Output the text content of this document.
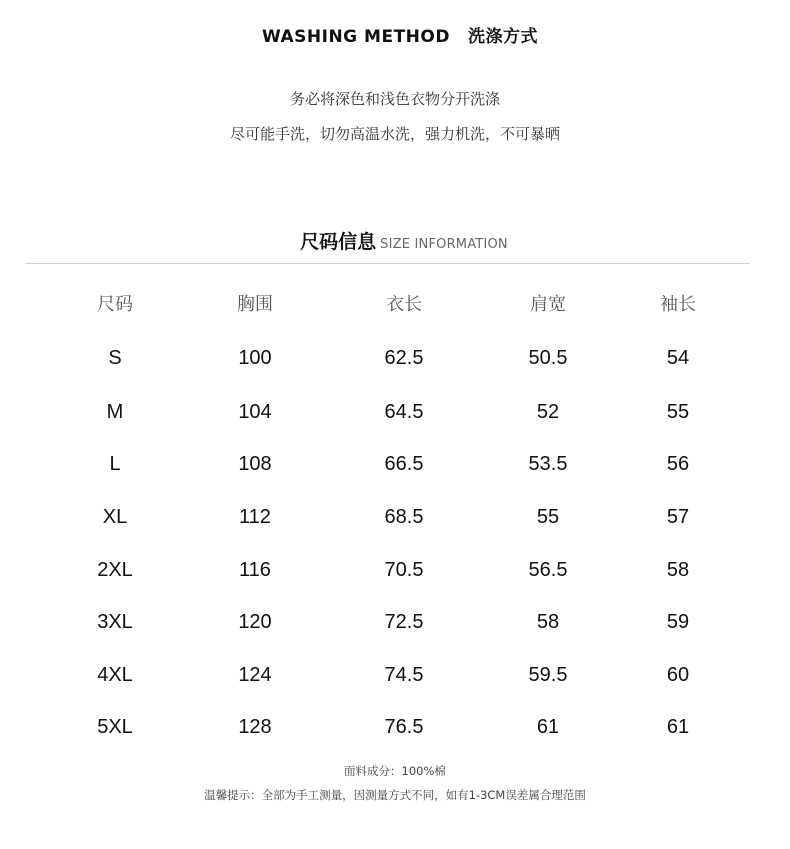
WASHING METHOD 洗涤方式
务必将深色和浅色衣物分开洗涤
尽可能手洗，切勿高温水洗，强力机洗，不可暴晒
尺码信息 SIZE INFORMATION
尺码	胸围	衣长	肩宽	袖长
S	100	62.5	50.5	54
M	104	64.5	52	55
L	108	66.5	53.5	56
XL	112	68.5	55	57
2XL	116	70.5	56.5	58
3XL	120	72.5	58	59
4XL	124	74.5	59.5	60
5XL	128	76.5	61	61
面料成分：100%棉
温馨提示：全部为手工测量，因测量方式不同，如有1-3CM误差属合理范围
